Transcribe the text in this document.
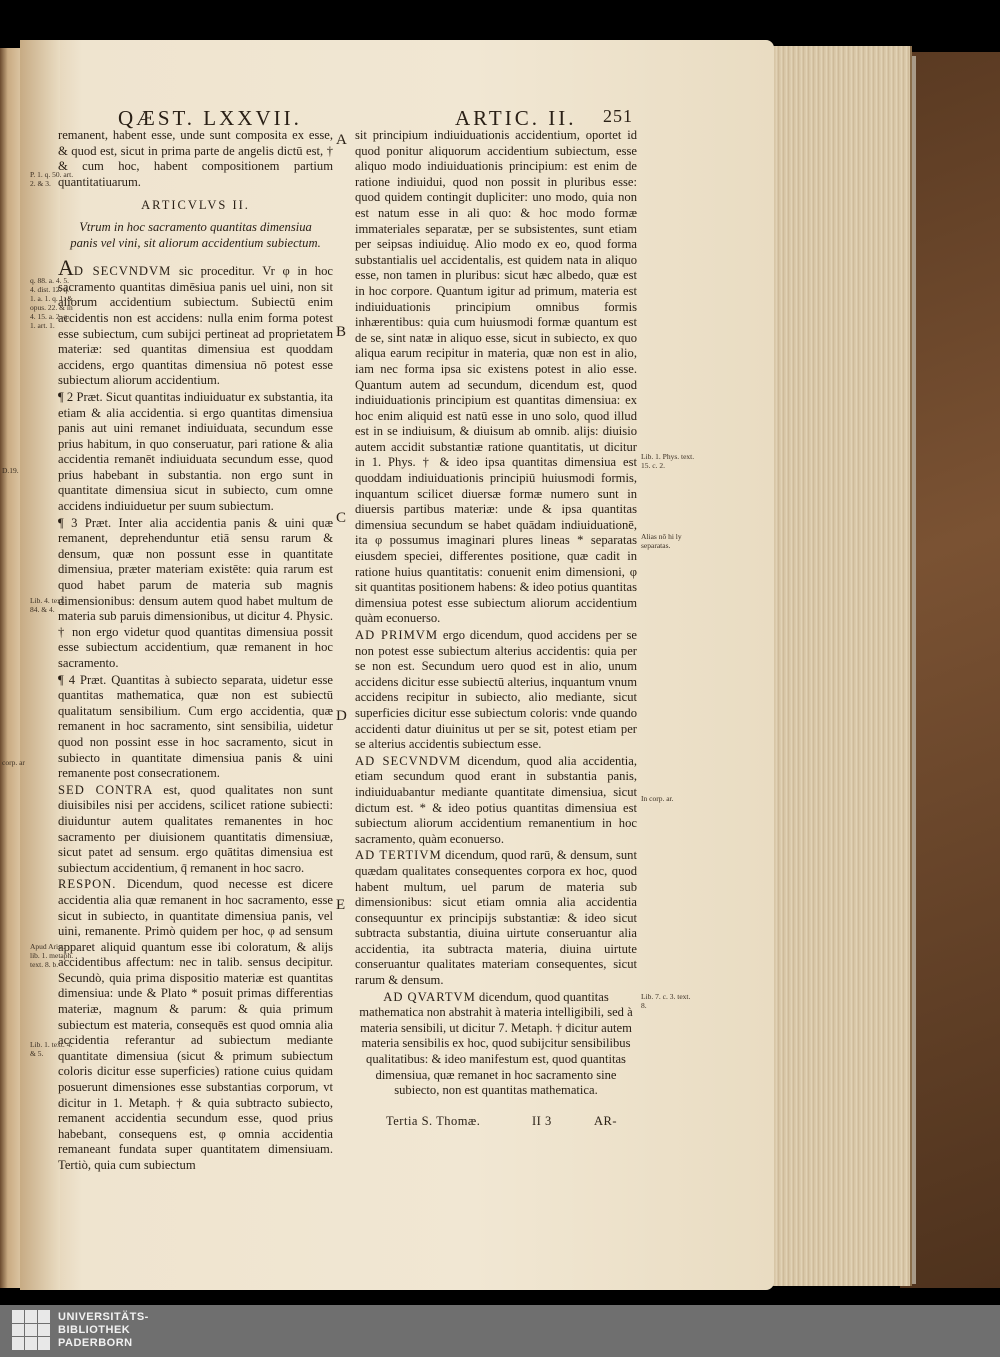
D.19.
corp. ar
QÆST. LXXVII.	ARTIC. II. 251

remanent, habent esse, unde sunt composita ex esse, & quod est, sicut in prima parte de angelis dictū est, † & cum hoc, habent compositionem partium quantitatiuarum.

ARTICVLVS II.

Vtrum in hoc sacramento quantitas dimensiua panis vel vini, sit aliorum accidentium subiectum.

AD SECVNDVM sic proceditur. Vr φ in hoc sacramento quantitas dimēsiua panis uel uini, non sit aliorum accidentium subiectum. Subiectū enim accidentis non est accidens: nulla enim forma potest esse subiectum, cum subijci pertineat ad proprietatem materiæ: sed quantitas dimensiua est quoddam accidens, ergo quantitas dimensiua nō potest esse subiectum aliorum accidentium.

¶ 2 Præt. Sicut quantitas indiuiduatur ex substantia, ita etiam & alia accidentia. si ergo quantitas dimensiua panis aut uini remanet indiuiduata, secundum esse prius habitum, in quo conseruatur, pari ratione & alia accidentia remanēt indiuiduata secundum esse, quod prius habebant in substantia. non ergo sunt in quantitate dimensiua sicut in subiecto, cum omne accidens indiuiduetur per suum subiectum.

¶ 3 Præt. Inter alia accidentia panis & uini quæ remanent, deprehenduntur etiā sensu rarum & densum, quæ non possunt esse in quantitate dimensiua, præter materiam existēte: quia rarum est quod habet parum de materia sub magnis dimensionibus: densum autem quod habet multum de materia sub paruis dimensionibus, ut dicitur 4. Physic. † non ergo videtur quod quantitas dimensiua possit esse subiectum accidentium, quæ remanent in hoc sacramento.

¶ 4 Præt. Quantitas à subiecto separata, uidetur esse quantitas mathematica, quæ non est subiectū qualitatum sensibilium. Cum ergo accidentia, quæ remanent in hoc sacramento, sint sensibilia, uidetur quod non possint esse in hoc sacramento, sicut in subiecto in quantitate dimensiua panis & uini remanente post consecrationem.

SED CONTRA est, quod qualitates non sunt diuisibiles nisi per accidens, scilicet ratione subiecti: diuiduntur autem qualitates remanentes in hoc sacramento per diuisionem quantitatis dimensiuæ, sicut patet ad sensum. ergo quātitas dimensiua est subiectum accidentium, q̄ remanent in hoc sacro.

RESPON. Dicendum, quod necesse est dicere accidentia alia quæ remanent in hoc sacramento, esse sicut in subiecto, in quantitate dimensiua panis, vel uini, remanente. Primò quidem per hoc, φ ad sensum apparet aliquid quantum esse ibi coloratum, & alijs accidentibus affectum: nec in talib. sensus decipitur. Secundò, quia prima dispositio materiæ est quantitas dimensiua: unde & Plato * posuit primas differentias materiæ, magnum & parum: & quia primum subiectum est materia, consequēs est quod omnia alia accidentia referantur ad subiectum mediante quantitate dimensiua (sicut & primum subiectum coloris dicitur esse superficies) ratione cuius quidam posuerunt dimensiones esse substantias corporum, vt dicitur in 1. Metaph. † & quia subtracto subiecto, remanent accidentia secundum esse, quod prius habebant, consequens est, φ omnia accidentia remaneant fundata super quantitatem dimensiuam. Tertiò, quia cum subiectum

sit principium indiuiduationis accidentium, oportet id quod ponitur aliquorum accidentium subiectum, esse aliquo modo indiuiduationis principium: est enim de ratione indiuidui, quod non possit in pluribus esse: quod quidem contingit dupliciter: uno modo, quia non est natum esse in ali quo: & hoc modo formæ immateriales separatæ, per se subsistentes, sunt etiam per seipsas indiuiduę. Alio modo ex eo, quod forma substantialis uel accidentalis, est quidem nata in aliquo esse, non tamen in pluribus: sicut hæc albedo, quæ est in hoc corpore. Quantum igitur ad primum, materia est indiuiduationis principium omnibus formis inhærentibus: quia cum huiusmodi formæ quantum est de se, sint natæ in aliquo esse, sicut in subiecto, ex quo aliqua earum recipitur in materia, quæ non est in alio, iam nec forma ipsa sic existens potest in alio esse. Quantum autem ad secundum, dicendum est, quod indiuiduationis principium est quantitas dimensiua: ex hoc enim aliquid est natū esse in uno solo, quod illud est in se indiuisum, & diuisum ab omnib. alijs: diuisio autem accidit substantiæ ratione quantitatis, ut dicitur in 1. Phys. † & ideo ipsa quantitas dimensiua est quoddam indiuiduationis principiū huiusmodi formis, inquantum scilicet diuersæ formæ numero sunt in diuersis partibus materiæ: unde & ipsa quantitas dimensiua secundum se habet quādam indiuiduationē, ita φ possumus imaginari plures lineas * separatas eiusdem speciei, differentes positione, quæ cadit in ratione huius quantitatis: conuenit enim dimensioni, φ sit quantitas positionem habens: & ideo potius quantitas dimensiua potest esse subiectum aliorum accidentium quàm econuerso.

AD PRIMVM ergo dicendum, quod accidens per se non potest esse subiectum alterius accidentis: quia per se non est. Secundum uero quod est in alio, unum accidens dicitur esse subiectū alterius, inquantum vnum accidens recipitur in subiecto, alio mediante, sicut superficies dicitur esse subiectum coloris: vnde quando accidenti datur diuinitus ut per se sit, potest etiam per se alterius accidentis subiectum esse.

AD SECVNDVM dicendum, quod alia accidentia, etiam secundum quod erant in substantia panis, indiuiduabantur mediante quantitate dimensiua, sicut dictum est. * & ideo potius quantitas dimensiua est subiectum aliorum accidentium remanentium in hoc sacramento, quàm econuerso.

AD TERTIVM dicendum, quod rarū, & densum, sunt quædam qualitates consequentes corpora ex hoc, quod habent multum, uel parum de materia sub dimensionibus: sicut etiam omnia alia accidentia consequuntur ex principijs substantiæ: & ideo sicut subtracta substantia, diuina uirtute conseruantur alia accidentia, ita subtracta materia, diuina uirtute conseruantur qualitates materiam consequentes, sicut rarum & densum.

AD QVARTVM dicendum, quod quantitas mathematica non abstrahit à materia intelligibili, sed à materia sensibili, ut dicitur 7. Metaph. † dicitur autem materia sensibilis ex hoc, quod subijcitur sensibilibus qualitatibus: & ideo manifestum est, quod quantitas dimensiua, quæ remanet in hoc sacramento sine subiecto, non est quantitas mathematica.

A
B
C
D
E
P. 1. q. 50. art. 2. & 3.
q. 88. a. 4. 5. 4. dist. 12. q. 1. a. 1. q. 1. & opus. 22. & in 4. 15. a. 2. q. 1. art. 1.
Lib. 4. text. 84. & 4.
Apud Arist. lib. 1. metaph. text. 8. b.
Lib. 1. text. 4. & 5.
Lib. 1. Phys. text. 15. c. 2.
Alias nō hi ly separatas.
In corp. ar.
Lib. 7. c. 3. text. 8.
Tertia S. Thomæ.	II 3	AR-
UNIVERSITÄTS-
BIBLIOTHEK
PADERBORN
